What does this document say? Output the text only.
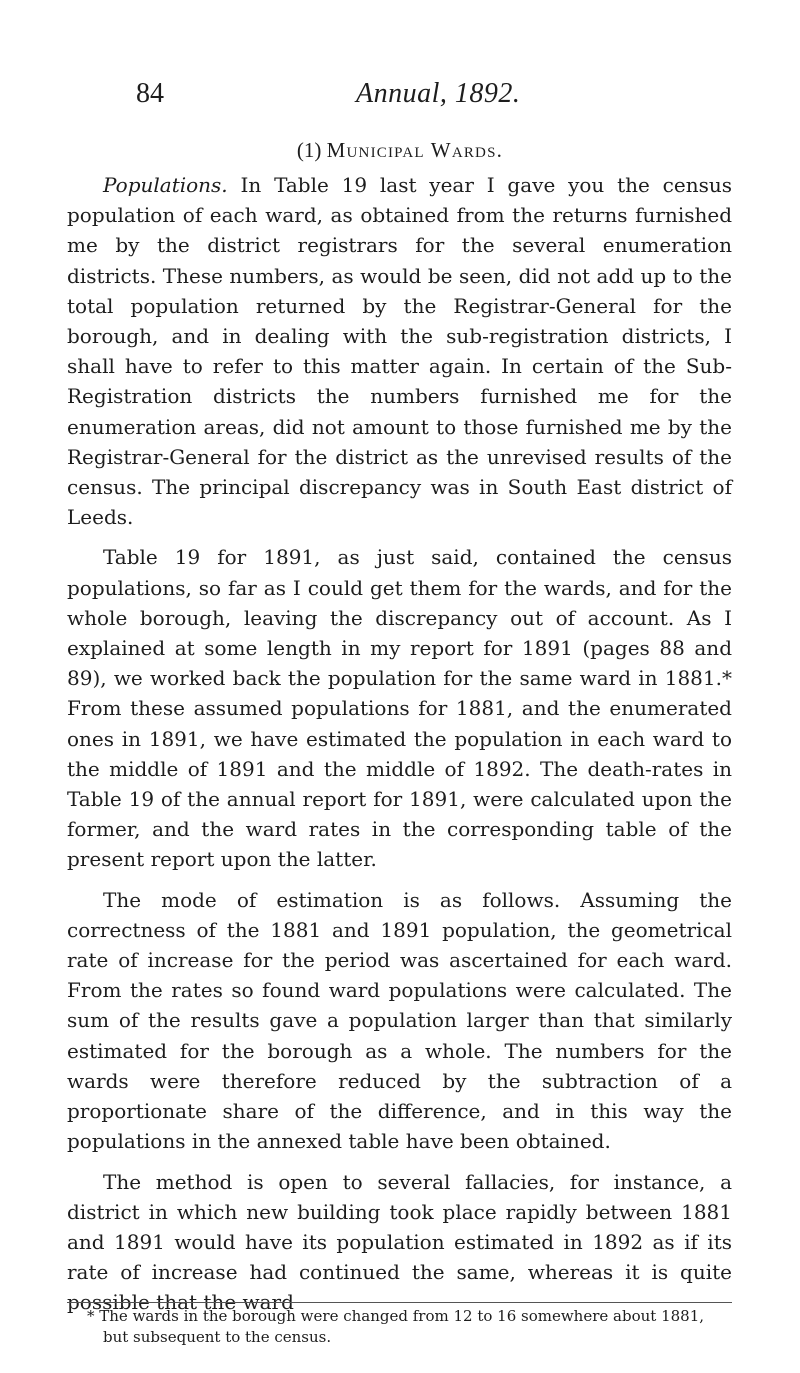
84	Annual, 1892.
(1) Municipal Wards.

Populations. In Table 19 last year I gave you the census population of each ward, as obtained from the returns furnished me by the district registrars for the several enumeration districts. These numbers, as would be seen, did not add up to the total population returned by the Registrar-General for the borough, and in dealing with the sub-registration districts, I shall have to refer to this matter again. In certain of the Sub-Registration districts the numbers furnished me for the enumeration areas, did not amount to those furnished me by the Registrar-General for the district as the unrevised results of the census. The principal discrepancy was in South East district of Leeds.

Table 19 for 1891, as just said, contained the census populations, so far as I could get them for the wards, and for the whole borough, leaving the discrepancy out of account. As I explained at some length in my report for 1891 (pages 88 and 89), we worked back the population for the same ward in 1881.* From these assumed populations for 1881, and the enumerated ones in 1891, we have estimated the population in each ward to the middle of 1891 and the middle of 1892. The death-rates in Table 19 of the annual report for 1891, were calculated upon the former, and the ward rates in the corresponding table of the present report upon the latter.

The mode of estimation is as follows. Assuming the correctness of the 1881 and 1891 population, the geometrical rate of increase for the period was ascertained for each ward. From the rates so found ward populations were calculated. The sum of the results gave a population larger than that similarly estimated for the borough as a whole. The numbers for the wards were therefore reduced by the subtraction of a proportionate share of the difference, and in this way the populations in the annexed table have been obtained.

The method is open to several fallacies, for instance, a district in which new building took place rapidly between 1881 and 1891 would have its population estimated in 1892 as if its rate of increase had continued the same, whereas it is quite possible that the ward

* The wards in the borough were changed from 12 to 16 somewhere about 1881,
but subsequent to the census.
